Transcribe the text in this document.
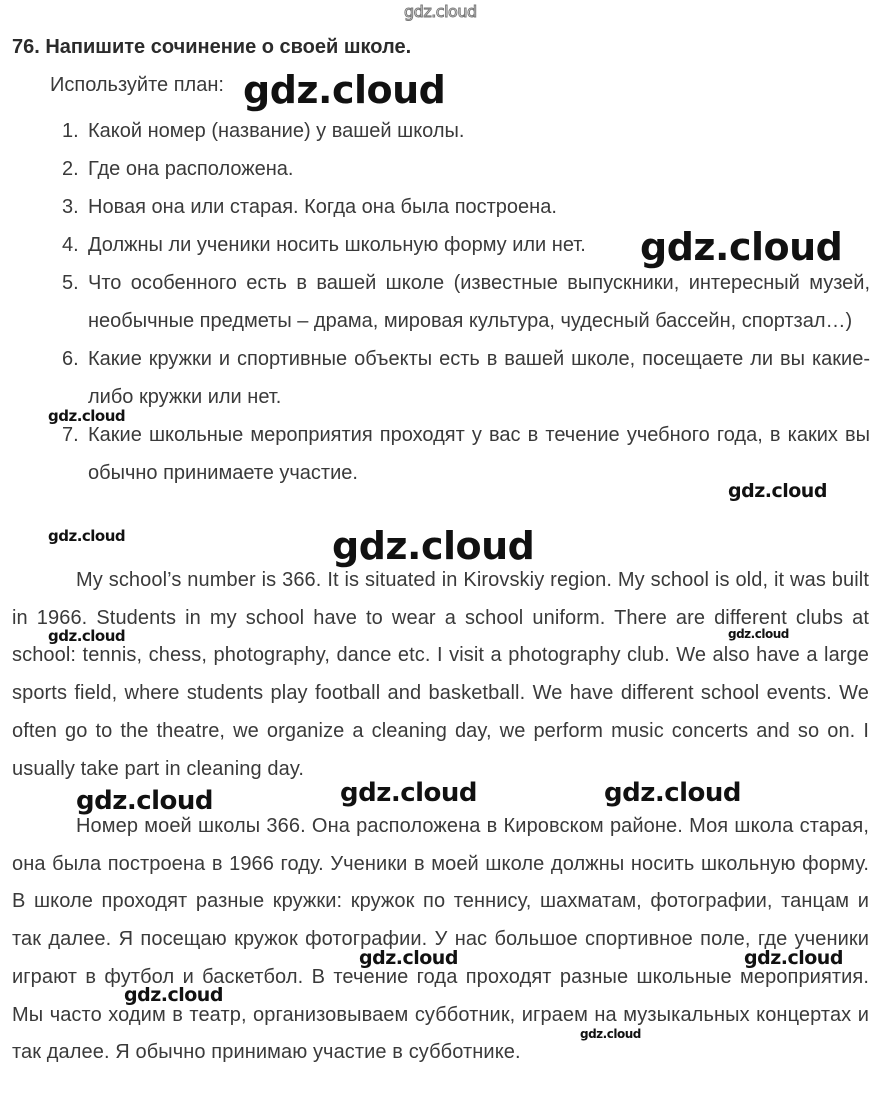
gdz.cloud
76. Напишите сочинение о своей школе.
Используйте план:
1. Какой номер (название) у вашей школы.
2. Где она расположена.
3. Новая она или старая. Когда она была построена.
4. Должны ли ученики носить школьную форму или нет.
5. Что особенного есть в вашей школе (известные выпускники, интересный музей, необычные предметы – драма, мировая культура, чудесный бассейн, спортзал…)
6. Какие кружки и спортивные объекты есть в вашей школе, посещаете ли вы какие-либо кружки или нет.
7. Какие школьные мероприятия проходят у вас в течение учебного года, в каких вы обычно принимаете участие.

My school’s number is 366. It is situated in Kirovskiy region. My school is old, it was built in 1966. Students in my school have to wear a school uniform. There are different clubs at school: tennis, chess, photography, dance etc. I visit a photography club. We also have a large sports field, where students play football and basketball. We have different school events. We often go to the theatre, we organize a cleaning day, we perform music concerts and so on. I usually take part in cleaning day.

Номер моей школы 366. Она расположена в Кировском районе. Моя школа старая, она была построена в 1966 году. Ученики в моей школе должны носить школьную форму. В школе проходят разные кружки: кружок по теннису, шахматам, фотографии, танцам и так далее. Я посещаю кружок фотографии. У нас большое спортивное поле, где ученики играют в футбол и баскетбол. В течение года проходят разные школьные мероприятия. Мы часто ходим в театр, организовываем субботник, играем на музыкальных концертах и так далее. Я обычно принимаю участие в субботнике.

gdz.cloud
gdz.cloud
gdz.cloud
gdz.cloud
gdz.cloud	gdz.cloud
gdz.cloud	gdz.cloud
gdz.cloud	gdz.cloud	gdz.cloud
gdz.cloud	gdz.cloud
gdz.cloud
gdz.cloud
